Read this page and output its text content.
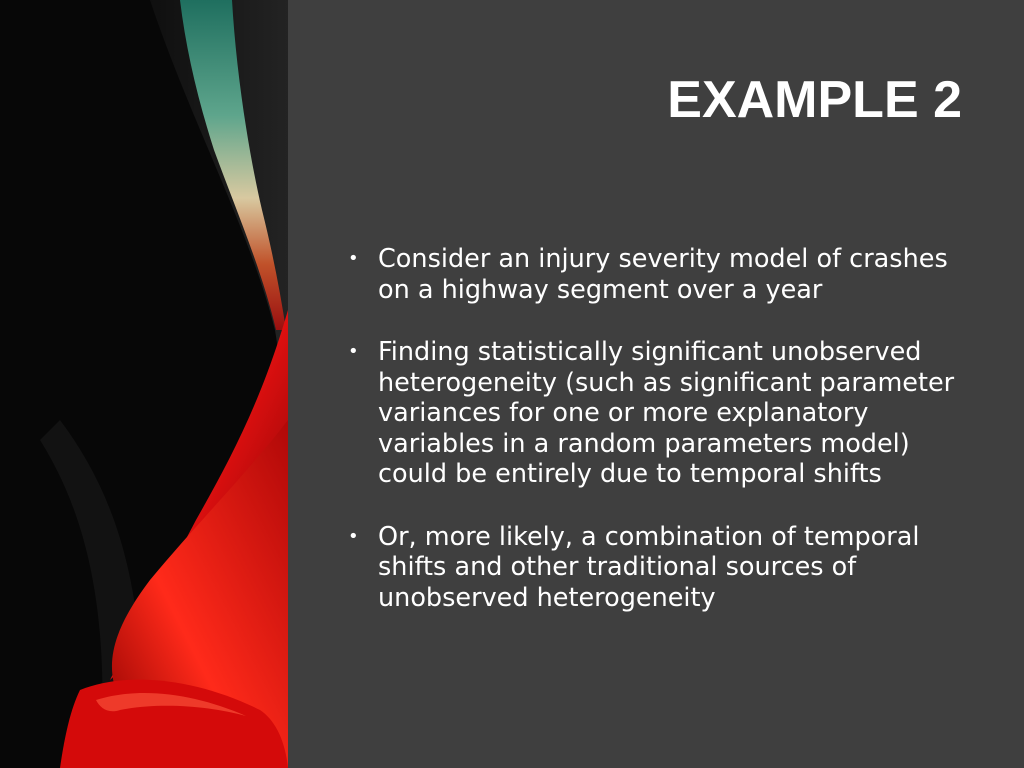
EXAMPLE 2
• Consider an injury severity model of crashes on a highway segment over a year
• Finding statistically significant unobserved heterogeneity (such as significant parameter variances for one or more explanatory variables in a random parameters model) could be entirely due to temporal shifts
• Or, more likely, a combination of temporal shifts and other traditional sources of unobserved heterogeneity
